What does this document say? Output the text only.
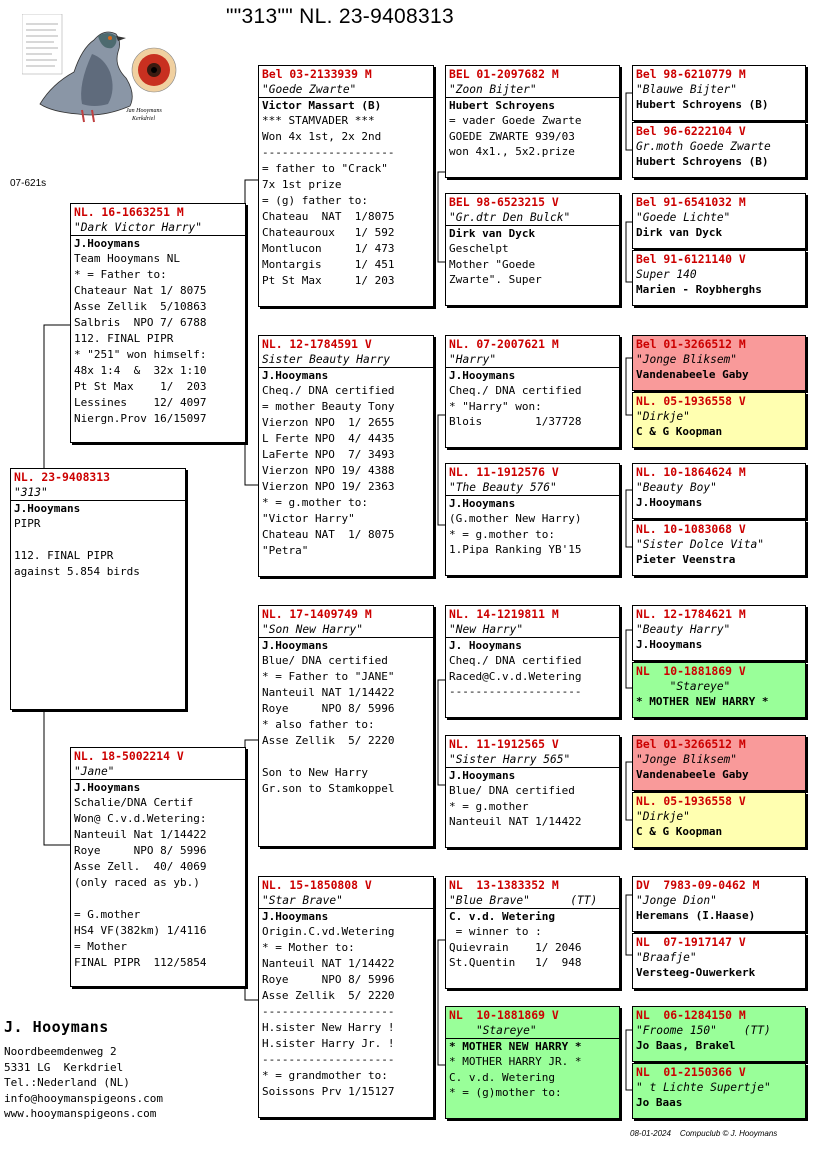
""313"" NL. 23-9408313
Jan Hooymans
Kerkdriel
07-621s
NL. 23-9408313
"313"
J.Hooymans
PIPR

112. FINAL PIPR
against 5.854 birds
NL. 16-1663251 M
"Dark Victor Harry"
J.Hooymans
Team Hooymans NL
* = Father to:
Chateaur Nat 1/ 8075
Asse Zellik  5/10863
Salbris  NPO 7/ 6788
112. FINAL PIPR
* "251" won himself:
48x 1:4  &  32x 1:10
Pt St Max    1/  203
Lessines    12/ 4097
Niergn.Prov 16/15097
NL. 18-5002214 V
"Jane"
J.Hooymans
Schalie/DNA Certif
Won@ C.v.d.Wetering:
Nanteuil Nat 1/14422
Roye     NPO 8/ 5996
Asse Zell.  40/ 4069
(only raced as yb.)

= G.mother
HS4 VF(382km) 1/4116
= Mother
FINAL PIPR  112/5854
Bel 03-2133939 M
"Goede Zwarte"
Victor Massart (B)
*** STAMVADER ***
Won 4x 1st, 2x 2nd
--------------------
= father to "Crack"
7x 1st prize
= (g) father to:
Chateau  NAT  1/8075
Chateauroux   1/ 592
Montlucon     1/ 473
Montargis     1/ 451
Pt St Max     1/ 203
NL. 12-1784591 V
Sister Beauty Harry
J.Hooymans
Cheq./ DNA certified
= mother Beauty Tony
Vierzon NPO  1/ 2655
L Ferte NPO  4/ 4435
LaFerte NPO  7/ 3493
Vierzon NPO 19/ 4388
Vierzon NPO 19/ 2363
* = g.mother to:
"Victor Harry"
Chateau NAT  1/ 8075
"Petra"
NL. 17-1409749 M
"Son New Harry"
J.Hooymans
Blue/ DNA certified
* = Father to "JANE"
Nanteuil NAT 1/14422
Roye     NPO 8/ 5996
* also father to:
Asse Zellik  5/ 2220

Son to New Harry
Gr.son to Stamkoppel
NL. 15-1850808 V
"Star Brave"
J.Hooymans
Origin.C.vd.Wetering
* = Mother to:
Nanteuil NAT 1/14422
Roye     NPO 8/ 5996
Asse Zellik  5/ 2220
--------------------
H.sister New Harry !
H.sister Harry Jr. !
--------------------
* = grandmother to:
Soissons Prv 1/15127
BEL 01-2097682 M
"Zoon Bijter"
Hubert Schroyens
= vader Goede Zwarte
GOEDE ZWARTE 939/03
won 4x1., 5x2.prize
BEL 98-6523215 V
"Gr.dtr Den Bulck"
Dirk van Dyck
Geschelpt
Mother "Goede
Zwarte". Super
NL. 07-2007621 M
"Harry"
J.Hooymans
Cheq./ DNA certified
* "Harry" won:
Blois        1/37728
NL. 11-1912576 V
"The Beauty 576"
J.Hooymans
(G.mother New Harry)
* = g.mother to:
1.Pipa Ranking YB'15
NL. 14-1219811 M
"New Harry"
J. Hooymans
Cheq./ DNA certified
Raced@C.v.d.Wetering
--------------------
NL. 11-1912565 V
"Sister Harry 565"
J.Hooymans
Blue/ DNA certified
* = g.mother
Nanteuil NAT 1/14422
NL  13-1383352 M
"Blue Brave"      (TT)
C. v.d. Wetering
= winner to :
Quievrain    1/ 2046
St.Quentin   1/  948
NL  10-1881869 V
"Stareye"
* MOTHER NEW HARRY *
* MOTHER HARRY JR. *
C. v.d. Wetering
* = (g)mother to:
Bel 98-6210779 M
"Blauwe Bijter"
Hubert Schroyens (B)
Bel 96-6222104 V
Gr.moth Goede Zwarte
Hubert Schroyens (B)
Bel 91-6541032 M
"Goede Lichte"
Dirk van Dyck
Bel 91-6121140 V
Super 140
Marien - Roybherghs
Bel 01-3266512 M
"Jonge Bliksem"
Vandenabeele Gaby
NL. 05-1936558 V
"Dirkje"
C & G Koopman
NL. 10-1864624 M
"Beauty Boy"
J.Hooymans
NL. 10-1083068 V
"Sister Dolce Vita"
Pieter Veenstra
NL. 12-1784621 M
"Beauty Harry"
J.Hooymans
NL  10-1881869 V
"Stareye"
* MOTHER NEW HARRY *
Bel 01-3266512 M
"Jonge Bliksem"
Vandenabeele Gaby
NL. 05-1936558 V
"Dirkje"
C & G Koopman
DV  7983-09-0462 M
"Jonge Dion"
Heremans (I.Haase)
NL  07-1917147 V
"Braafje"
Versteeg-Ouwerkerk
NL  06-1284150 M
"Froome 150"    (TT)
Jo Baas, Brakel
NL  01-2150366 V
" t Lichte Supertje"
Jo Baas
J. Hooymans
Noordbeemdenweg 2
5331 LG  Kerkdriel
Tel.:Nederland (NL)
info@hooymanspigeons.com
www.hooymanspigeons.com
08-01-2024    Compuclub © J. Hooymans
